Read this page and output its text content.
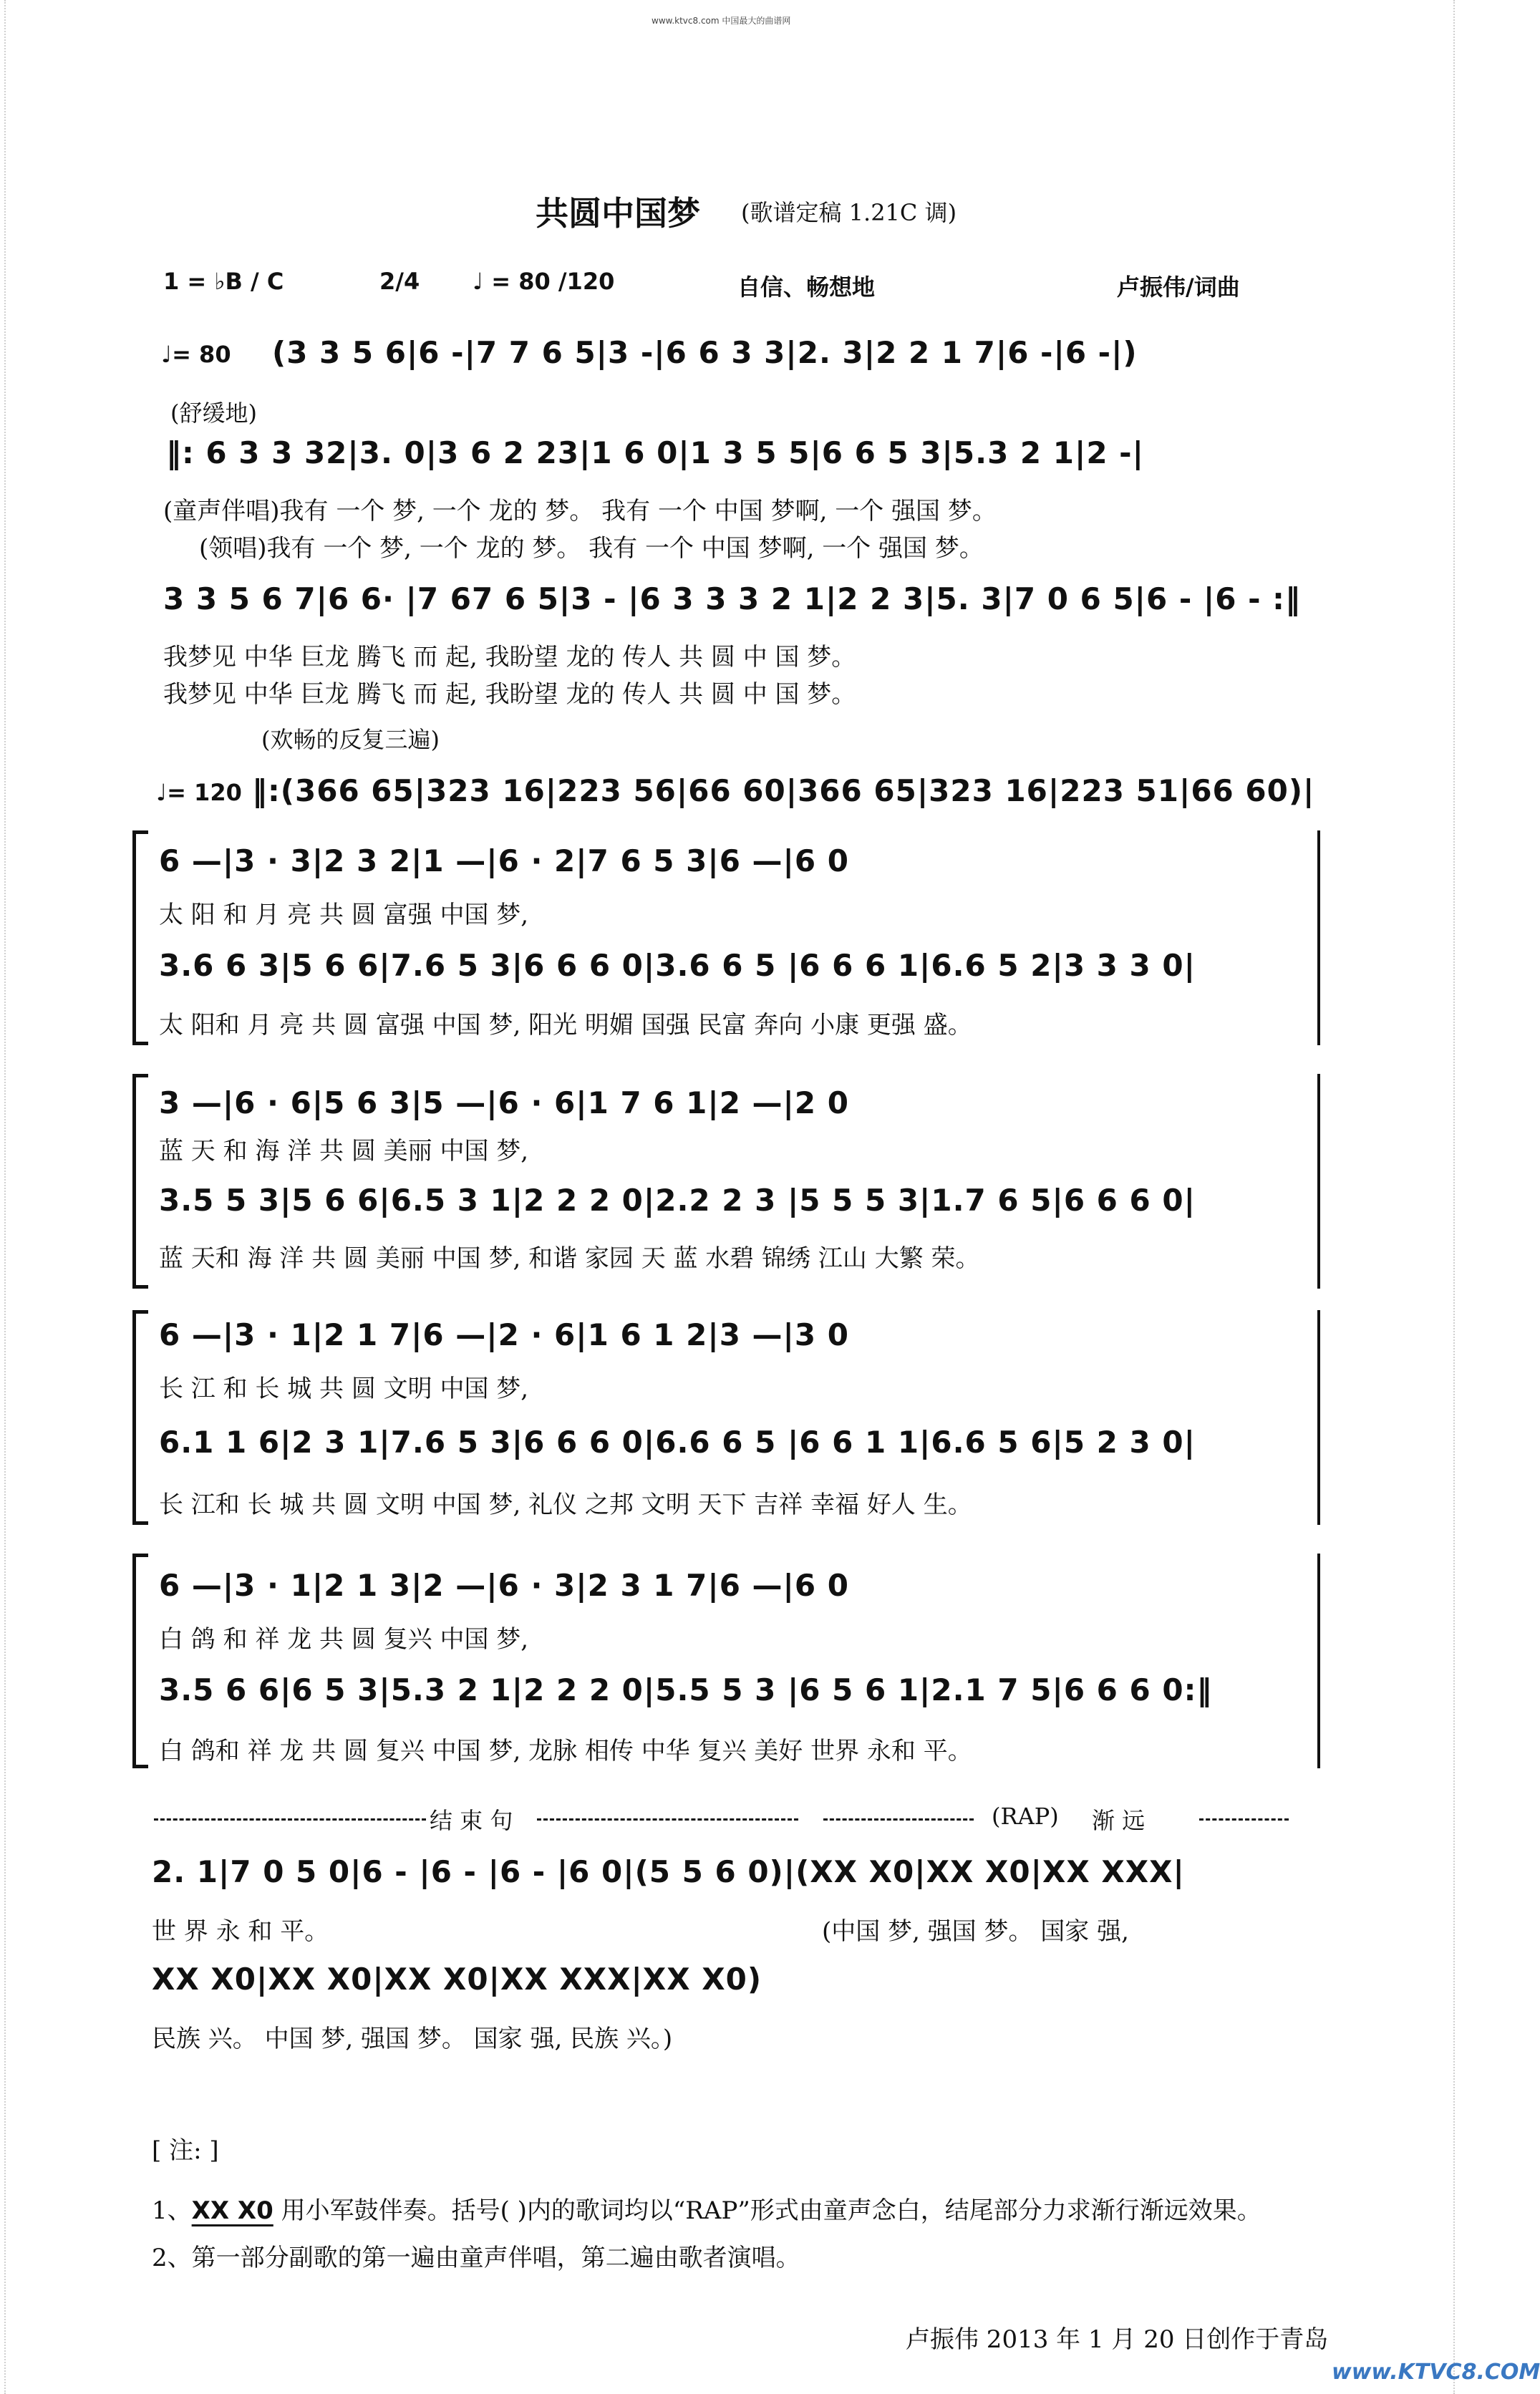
www.ktvc8.com 中国最大的曲谱网
共圆中国梦 (歌谱定稿 1.21C 调)
1 = ♭B / C	2/4 ♩ = 80 /120	自信、畅想地	卢振伟/词曲
♩= 80 (3 3 5 6|6 -|7 7 6 5|3 -|6 6 3 3|2. 3|2 2 1 7|6 -|6 -|)
(舒缓地)
‖: 6 3 3 32|3. 0|3 6 2 23|1 6 0|1 3 5 5|6 6 5 3|5.3 2 1|2 -|
(童声伴唱)我有 一个 梦, 一个 龙的 梦。 我有 一个 中国 梦啊, 一个 强国 梦。
(领唱)我有 一个 梦, 一个 龙的 梦。 我有 一个 中国 梦啊, 一个 强国 梦。
3 3 5 6 7|6 6· |7 67 6 5|3 - |6 3 3 3 2 1|2 2 3|5. 3|7 0 6 5|6 - |6 - :‖
我梦见 中华 巨龙 腾飞 而 起, 我盼望 龙的 传人 共 圆 中 国 梦。
我梦见 中华 巨龙 腾飞 而 起, 我盼望 龙的 传人 共 圆 中 国 梦。
(欢畅的反复三遍)
♩= 120 ‖:(366 65|323 16|223 56|66 60|366 65|323 16|223 51|66 60)|
6 —|3 · 3|2 3 2|1 —|6 · 2|7 6 5 3|6 —|6 0
太 阳 和 月 亮 共 圆 富强 中国 梦,
3.6 6 3|5 6 6|7.6 5 3|6 6 6 0|3.6 6 5 |6 6 6 1|6.6 5 2|3 3 3 0|
太 阳和 月 亮 共 圆 富强 中国 梦, 阳光 明媚 国强 民富 奔向 小康 更强 盛。
3 —|6 · 6|5 6 3|5 —|6 · 6|1 7 6 1|2 —|2 0
蓝 天 和 海 洋 共 圆 美丽 中国 梦,
3.5 5 3|5 6 6|6.5 3 1|2 2 2 0|2.2 2 3 |5 5 5 3|1.7 6 5|6 6 6 0|
蓝 天和 海 洋 共 圆 美丽 中国 梦, 和谐 家园 天 蓝 水碧 锦绣 江山 大繁 荣。
6 —|3 · 1|2 1 7|6 —|2 · 6|1 6 1 2|3 —|3 0
长 江 和 长 城 共 圆 文明 中国 梦,
6.1 1 6|2 3 1|7.6 5 3|6 6 6 0|6.6 6 5 |6 6 1 1|6.6 5 6|5 2 3 0|
长 江和 长 城 共 圆 文明 中国 梦, 礼仪 之邦 文明 天下 吉祥 幸福 好人 生。
6 —|3 · 1|2 1 3|2 —|6 · 3|2 3 1 7|6 —|6 0
白 鸽 和 祥 龙 共 圆 复兴 中国 梦,
3.5 6 6|6 5 3|5.3 2 1|2 2 2 0|5.5 5 3 |6 5 6 1|2.1 7 5|6 6 6 0:‖
白 鸽和 祥 龙 共 圆 复兴 中国 梦, 龙脉 相传 中华 复兴 美好 世界 永和 平。
结 束 句	(RAP) 渐 远
2. 1|7 0 5 0|6 - |6 - |6 - |6 0|(5 5 6 0)|(XX X0|XX X0|XX XXX|
世 界 永 和 平。	(中国 梦, 强国 梦。 国家 强,
XX X0|XX X0|XX X0|XX XXX|XX X0)
民族 兴。 中国 梦, 强国 梦。 国家 强, 民族 兴。)
[ 注: ]
1、XX X0 用小军鼓伴奏。括号( )内的歌词均以“RAP”形式由童声念白，结尾部分力求渐行渐远效果。
2、第一部分副歌的第一遍由童声伴唱，第二遍由歌者演唱。
卢振伟 2013 年 1 月 20 日创作于青岛
www.KTVC8.COM
